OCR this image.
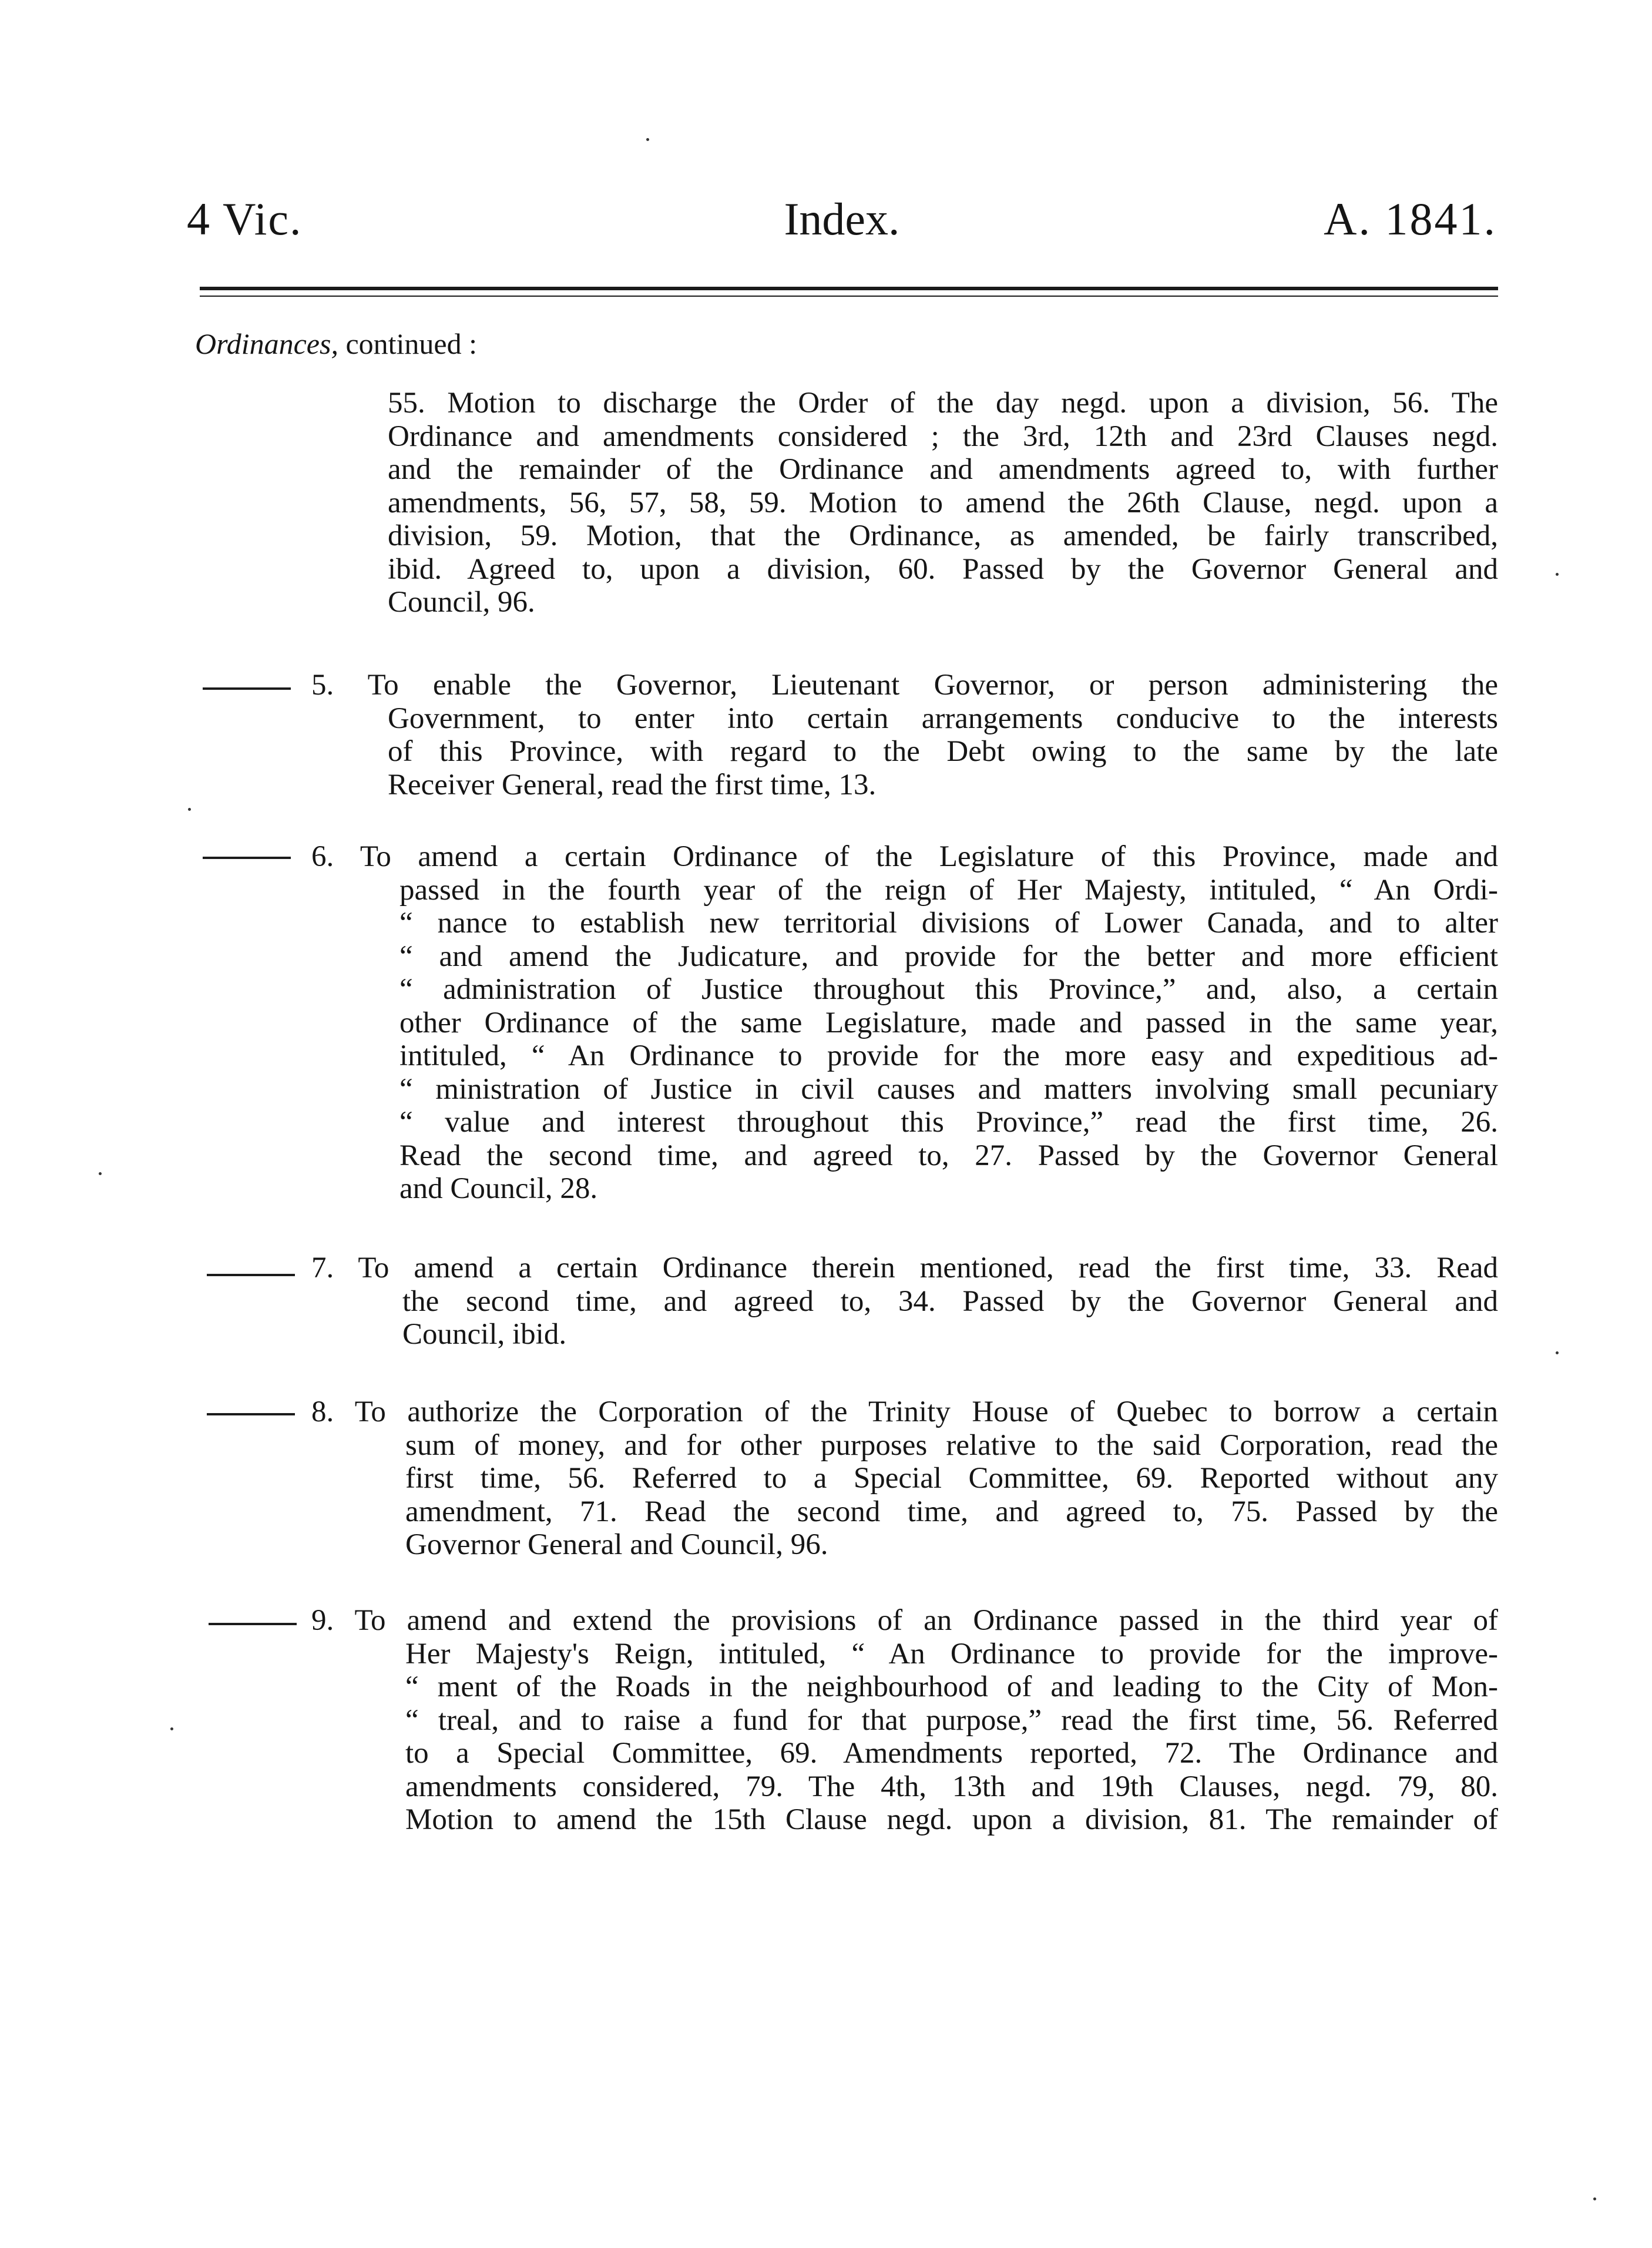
4 Vic.	Index.	A. 1841.
Ordinances, continued :
55. Motion to discharge the Order of the day negd. upon a division, 56. The
Ordinance and amendments considered ; the 3rd, 12th and 23rd Clauses negd.
and the remainder of the Ordinance and amendments agreed to, with further
amendments, 56, 57, 58, 59. Motion to amend the 26th Clause, negd. upon a
division, 59. Motion, that the Ordinance, as amended, be fairly transcribed,
ibid. Agreed to, upon a division, 60. Passed by the Governor General and
Council, 96.
5. To enable the Governor, Lieutenant Governor, or person administering the
Government, to enter into certain arrangements conducive to the interests
of this Province, with regard to the Debt owing to the same by the late
Receiver General, read the first time, 13.
6. To amend a certain Ordinance of the Legislature of this Province, made and
passed in the fourth year of the reign of Her Majesty, intituled, “ An Ordi-
“ nance to establish new territorial divisions of Lower Canada, and to alter
“ and amend the Judicature, and provide for the better and more efficient
“ administration of Justice throughout this Province,” and, also, a certain
other Ordinance of the same Legislature, made and passed in the same year,
intituled, “ An Ordinance to provide for the more easy and expeditious ad-
“ ministration of Justice in civil causes and matters involving small pecuniary
“ value and interest throughout this Province,” read the first time, 26.
Read the second time, and agreed to, 27. Passed by the Governor General
and Council, 28.
7. To amend a certain Ordinance therein mentioned, read the first time, 33. Read
the second time, and agreed to, 34. Passed by the Governor General and
Council, ibid.
8. To authorize the Corporation of the Trinity House of Quebec to borrow a certain
sum of money, and for other purposes relative to the said Corporation, read the
first time, 56. Referred to a Special Committee, 69. Reported without any
amendment, 71. Read the second time, and agreed to, 75. Passed by the
Governor General and Council, 96.
9. To amend and extend the provisions of an Ordinance passed in the third year of
Her Majesty's Reign, intituled, “ An Ordinance to provide for the improve-
“ ment of the Roads in the neighbourhood of and leading to the City of Mon-
“ treal, and to raise a fund for that purpose,” read the first time, 56. Referred
to a Special Committee, 69. Amendments reported, 72. The Ordinance and
amendments considered, 79. The 4th, 13th and 19th Clauses, negd. 79, 80.
Motion to amend the 15th Clause negd. upon a division, 81. The remainder of
